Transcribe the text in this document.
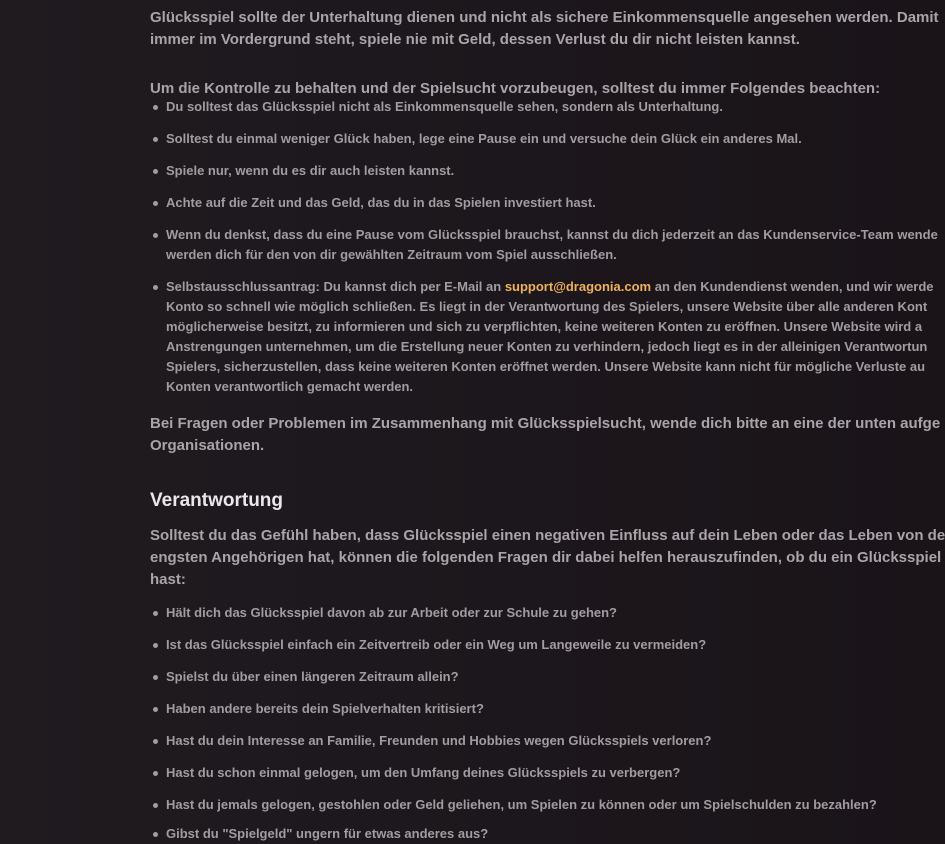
Glücksspiel sollte der Unterhaltung dienen und nicht als sichere Einkommensquelle angesehen werden. Damit

immer im Vordergrund steht, spiele nie mit Geld, dessen Verlust du dir nicht leisten kannst.

Um die Kontrolle zu behalten und der Spielsucht vorzubeugen, solltest du immer Folgendes beachten:

Du solltest das Glücksspiel nicht als Einkommensquelle sehen, sondern als Unterhaltung.
Solltest du einmal weniger Glück haben, lege eine Pause ein und versuche dein Glück ein anderes Mal.
Spiele nur, wenn du es dir auch leisten kannst.
Achte auf die Zeit und das Geld, das du in das Spielen investiert hast.
Wenn du denkst, dass du eine Pause vom Glücksspiel brauchst, kannst du dich jederzeit an das Kundenservice-Team wende
werden dich für den von dir gewählten Zeitraum vom Spiel ausschließen.
Selbstausschlussantrag: Du kannst dich per E-Mail an support@dragonia.com an den Kundendienst wenden, und wir werde
Konto so schnell wie möglich schließen. Es liegt in der Verantwortung des Spielers, unsere Website über alle anderen Kont
möglicherweise besitzt, zu informieren und sich zu verpflichten, keine weiteren Konten zu eröffnen. Unsere Website wird a
Anstrengungen unternehmen, um die Erstellung neuer Konten zu verhindern, jedoch liegt es in der alleinigen Verantwortun
Spielers, sicherzustellen, dass keine weiteren Konten eröffnet werden. Unsere Website kann nicht für mögliche Verluste au
Konten verantwortlich gemacht werden.

Bei Fragen oder Problemen im Zusammenhang mit Glücksspielsucht, wende dich bitte an eine der unten aufge

Organisationen.

Verantwortung

Solltest du das Gefühl haben, dass Glücksspiel einen negativen Einfluss auf dein Leben oder das Leben von de

engsten Angehörigen hat, können die folgenden Fragen dir dabei helfen herauszufinden, ob du ein Glücksspiel

hast:

Hält dich das Glücksspiel davon ab zur Arbeit oder zur Schule zu gehen?
Ist das Glücksspiel einfach ein Zeitvertreib oder ein Weg um Langeweile zu vermeiden?
Spielst du über einen längeren Zeitraum allein?
Haben andere bereits dein Spielverhalten kritisiert?
Hast du dein Interesse an Familie, Freunden und Hobbies wegen Glücksspiels verloren?
Hast du schon einmal gelogen, um den Umfang deines Glücksspiels zu verbergen?
Hast du jemals gelogen, gestohlen oder Geld geliehen, um Spielen zu können oder um Spielschulden zu bezahlen?
Gibst du "Spielgeld" ungern für etwas anderes aus?
